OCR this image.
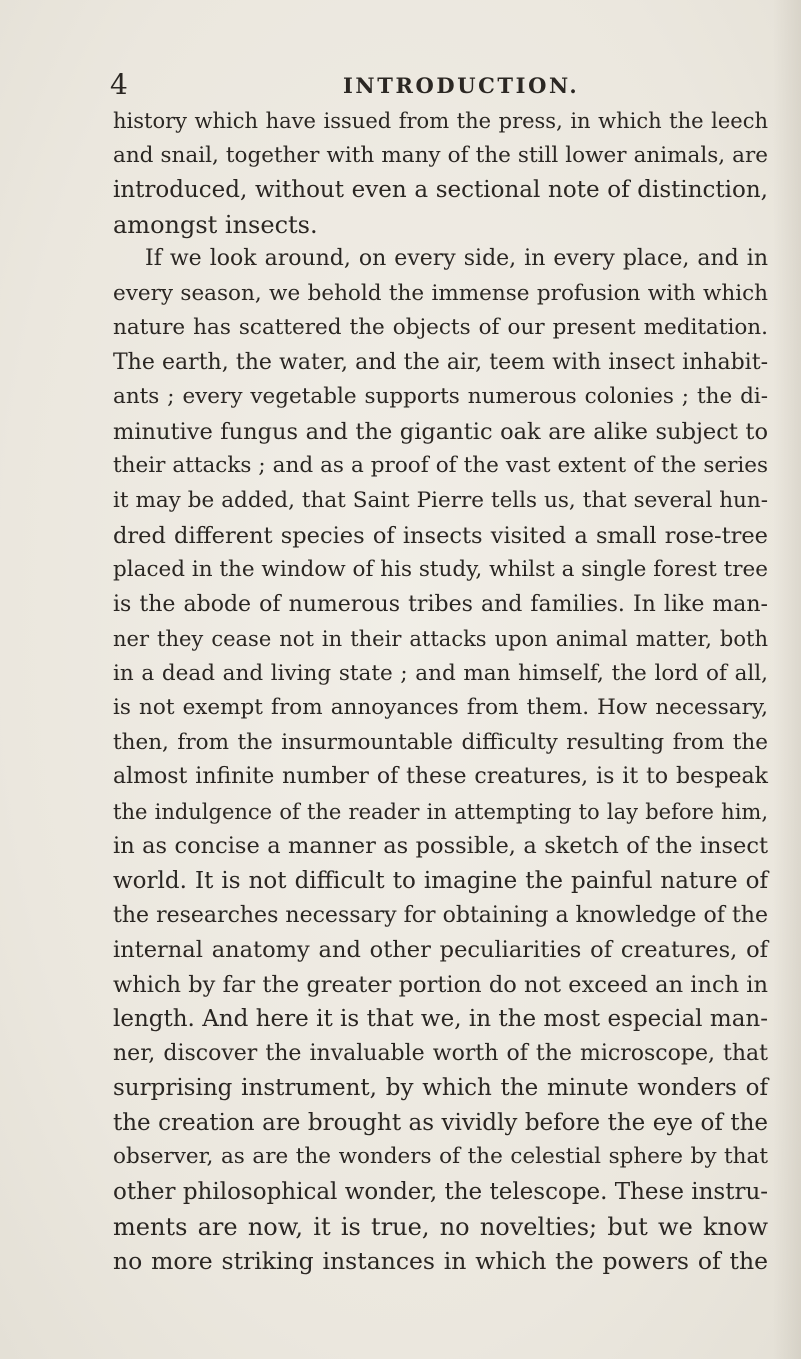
4	INTRODUCTION.
history which have issued from the press, in which the leech
and snail, together with many of the still lower animals, are
introduced, without even a sectional note of distinction,
amongst insects.
If we look around, on every side, in every place, and in
every season, we behold the immense profusion with which
nature has scattered the objects of our present meditation.
The earth, the water, and the air, teem with insect inhabit-
ants ; every vegetable supports numerous colonies ; the di-
minutive fungus and the gigantic oak are alike subject to
their attacks ; and as a proof of the vast extent of the series
it may be added, that Saint Pierre tells us, that several hun-
dred different species of insects visited a small rose-tree
placed in the window of his study, whilst a single forest tree
is the abode of numerous tribes and families. In like man-
ner they cease not in their attacks upon animal matter, both
in a dead and living state ; and man himself, the lord of all,
is not exempt from annoyances from them. How necessary,
then, from the insurmountable difficulty resulting from the
almost infinite number of these creatures, is it to bespeak
the indulgence of the reader in attempting to lay before him,
in as concise a manner as possible, a sketch of the insect
world. It is not difficult to imagine the painful nature of
the researches necessary for obtaining a knowledge of the
internal anatomy and other peculiarities of creatures, of
which by far the greater portion do not exceed an inch in
length. And here it is that we, in the most especial man-
ner, discover the invaluable worth of the microscope, that
surprising instrument, by which the minute wonders of
the creation are brought as vividly before the eye of the
observer, as are the wonders of the celestial sphere by that
other philosophical wonder, the telescope. These instru-
ments are now, it is true, no novelties; but we know
no more striking instances in which the powers of the
